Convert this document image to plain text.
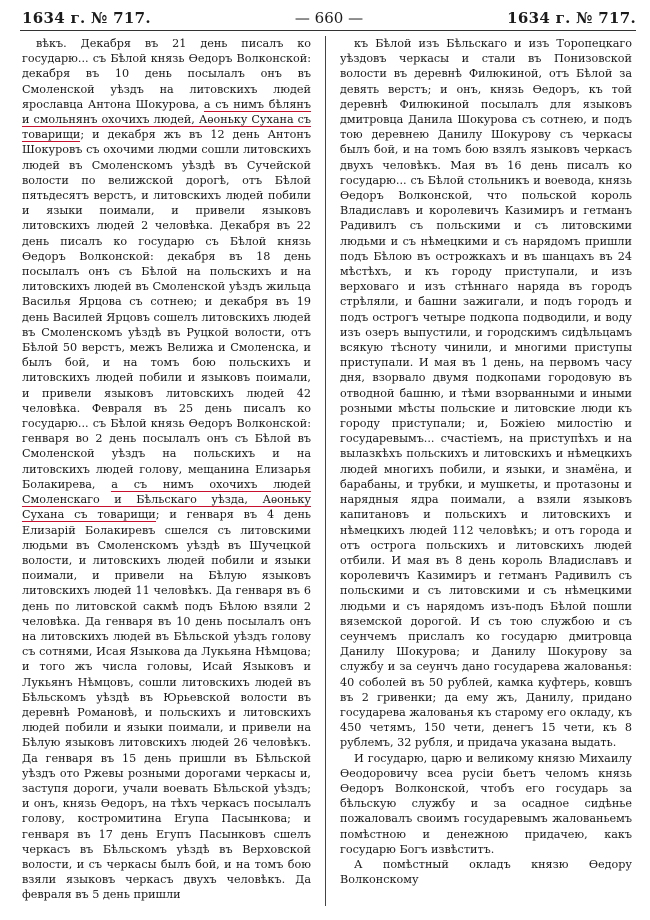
1634 г. № 717.	— 660 —	1634 г. № 717.

вѣкъ. Декабря въ 21 день писалъ ко государю... съ Бѣлой князь Ѳедоръ Волконской: декабря въ 10 день посылалъ онъ въ Смоленской уѣздъ на литовскихъ людей ярославца Антона Шокурова, а съ нимъ бѣлянъ и смольнянъ охочихъ людей, Аѳоньку Сухана съ товарищи; и декабря жъ въ 12 день Антонъ Шокуровъ съ охочими людми сошли литовскихъ людей въ Смоленскомъ уѣздѣ въ Сучейской волости по велижской дорогѣ, отъ Бѣлой пятьдесятъ верстъ, и литовскихъ людей побили и языки поимали, и привели языковъ литовскихъ людей 2 человѣка. Декабря въ 22 день писалъ ко государю съ Бѣлой князь Ѳедоръ Волконской: декабря въ 18 день посылалъ онъ съ Бѣлой на польскихъ и на литовскихъ людей въ Смоленской уѣздъ жильца Василья Ярцова съ сотнею; и декабря въ 19 день Василей Ярцовъ сошелъ литовскихъ людей въ Смоленскомъ уѣздѣ въ Руцкой волости, отъ Бѣлой 50 верстъ, межъ Велижа и Смоленска, и былъ бой, и на томъ бою польскихъ и литовскихъ людей побили и языковъ поимали, и привели языковъ литовскихъ людей 42 человѣка. Февраля въ 25 день писалъ ко государю... съ Бѣлой князь Ѳедоръ Волконской: генваря во 2 день посылалъ онъ съ Бѣлой въ Смоленской уѣздъ на польскихъ и на литовскихъ людей голову, мещанина Елизарья Болакирева, а съ нимъ охочихъ людей Смоленскаго и Бѣльскаго уѣзда, Аѳоньку Сухана съ товарищи; и генваря въ 4 день Елизарій Болакиревъ сшелся съ литовскими людьми въ Смоленскомъ уѣздѣ въ Шучецкой волости, и литовскихъ людей побили и языки поимали, и привели на Бѣлую языковъ литовскихъ людей 11 человѣкъ. Да генваря въ 6 день по литовской сакмѣ подъ Бѣлою взяли 2 человѣка. Да генваря въ 10 день посылалъ онъ на литовскихъ людей въ Бѣльской уѣздъ голову съ сотнями, Исая Языкова да Лукьяна Нѣмцова; и того жъ числа головы, Исай Языковъ и Лукьянъ Нѣмцовъ, сошли литовскихъ людей въ Бѣльскомъ уѣздѣ въ Юрьевской волости въ деревнѣ Романовѣ, и польскихъ и литовскихъ людей побили и языки поимали, и привели на Бѣлую языковъ литовскихъ людей 26 человѣкъ. Да генваря въ 15 день пришли въ Бѣльской уѣздъ ото Ржевы розными дорогами черкасы и, заступя дороги, учали воевать Бѣльской уѣздъ; и онъ, князь Ѳедоръ, на тѣхъ черкасъ посылалъ голову, костромитина Егупа Пасынкова; и генваря въ 17 день Егупъ Пасынковъ сшелъ черкасъ въ Бѣльскомъ уѣздѣ въ Верховской волости, и съ черкасы былъ бой, и на томъ бою взяли языковъ черкасъ двухъ человѣкъ. Да февраля въ 5 день пришли

къ Бѣлой изъ Бѣльскаго и изъ Торопецкаго уѣздовъ черкасы и стали въ Понизовской волости въ деревнѣ Филюкиной, отъ Бѣлой за девять верстъ; и онъ, князь Ѳедоръ, къ той деревнѣ Филюкиной посылалъ для языковъ дмитровца Данила Шокурова съ сотнею, и подъ тою деревнею Данилу Шокурову съ черкасы былъ бой, и на томъ бою взялъ языковъ черкасъ двухъ человѣкъ. Мая въ 16 день писалъ ко государю... съ Бѣлой стольникъ и воевода, князь Ѳедоръ Волконской, что польской король Владиславъ и королевичъ Казимиръ и гетманъ Радивилъ съ польскими и съ литовскими людьми и съ нѣмецкими и съ нарядомъ пришли подъ Бѣлою въ острожкахъ и въ шанцахъ въ 24 мѣстѣхъ, и къ городу приступали, и изъ верховаго и изъ стѣннаго наряда въ городъ стрѣляли, и башни зажигали, и подъ городъ и подъ острогъ четыре подкопа подводили, и воду изъ озеръ выпустили, и городскимъ сидѣльцамъ всякую тѣсноту чинили, и многими приступы приступали. И мая въ 1 день, на первомъ часу дня, взорвало двумя подкопами городовую въ отводной башню, и тѣми взорванными и иными розными мѣсты польские и литовские люди къ городу приступали; и, Божіею милостію и государевымъ... счастіемъ, на приступѣхъ и на вылазкѣхъ польскихъ и литовскихъ и нѣмецкихъ людей многихъ побили, и языки, и знамёна, и барабаны, и трубки, и мушкеты, и протазоны и нарядныя ядра поимали, а взяли языковъ капитановъ и польскихъ и литовскихъ и нѣмецкихъ людей 112 человѣкъ; и отъ города и отъ острога польскихъ и литовскихъ людей отбили. И мая въ 8 день король Владиславъ и королевичъ Казимиръ и гетманъ Радивилъ съ польскими и съ литовскими и съ нѣмецкими людьми и съ нарядомъ изъ-подъ Бѣлой пошли вяземской дорогой. И съ тою службою и съ сеунчемъ прислалъ ко государю дмитровца Данилу Шокурова; и Данилу Шокурову за службу и за сеунчъ дано государева жалованья: 40 соболей въ 50 рублей, камка куфтерь, ковшъ въ 2 гривенки; да ему жъ, Данилу, придано государева жалованья къ старому его окладу, къ 450 четямъ, 150 чети, денегъ 15 чети, къ 8 рублемъ, 32 рубля, и придача указана выдать.

И государю, царю и великому князю Михаилу Ѳеодоровичу всеа русіи бьетъ челомъ князь Ѳедоръ Волконской, чтобъ его государь за бѣльскую службу и за осадное сидѣнье пожаловалъ своимъ государевымъ жалованьемъ помѣстною и денежною придачею, какъ государю Богъ извѣститъ.

А помѣстный окладъ князю Ѳедору Волконскому
